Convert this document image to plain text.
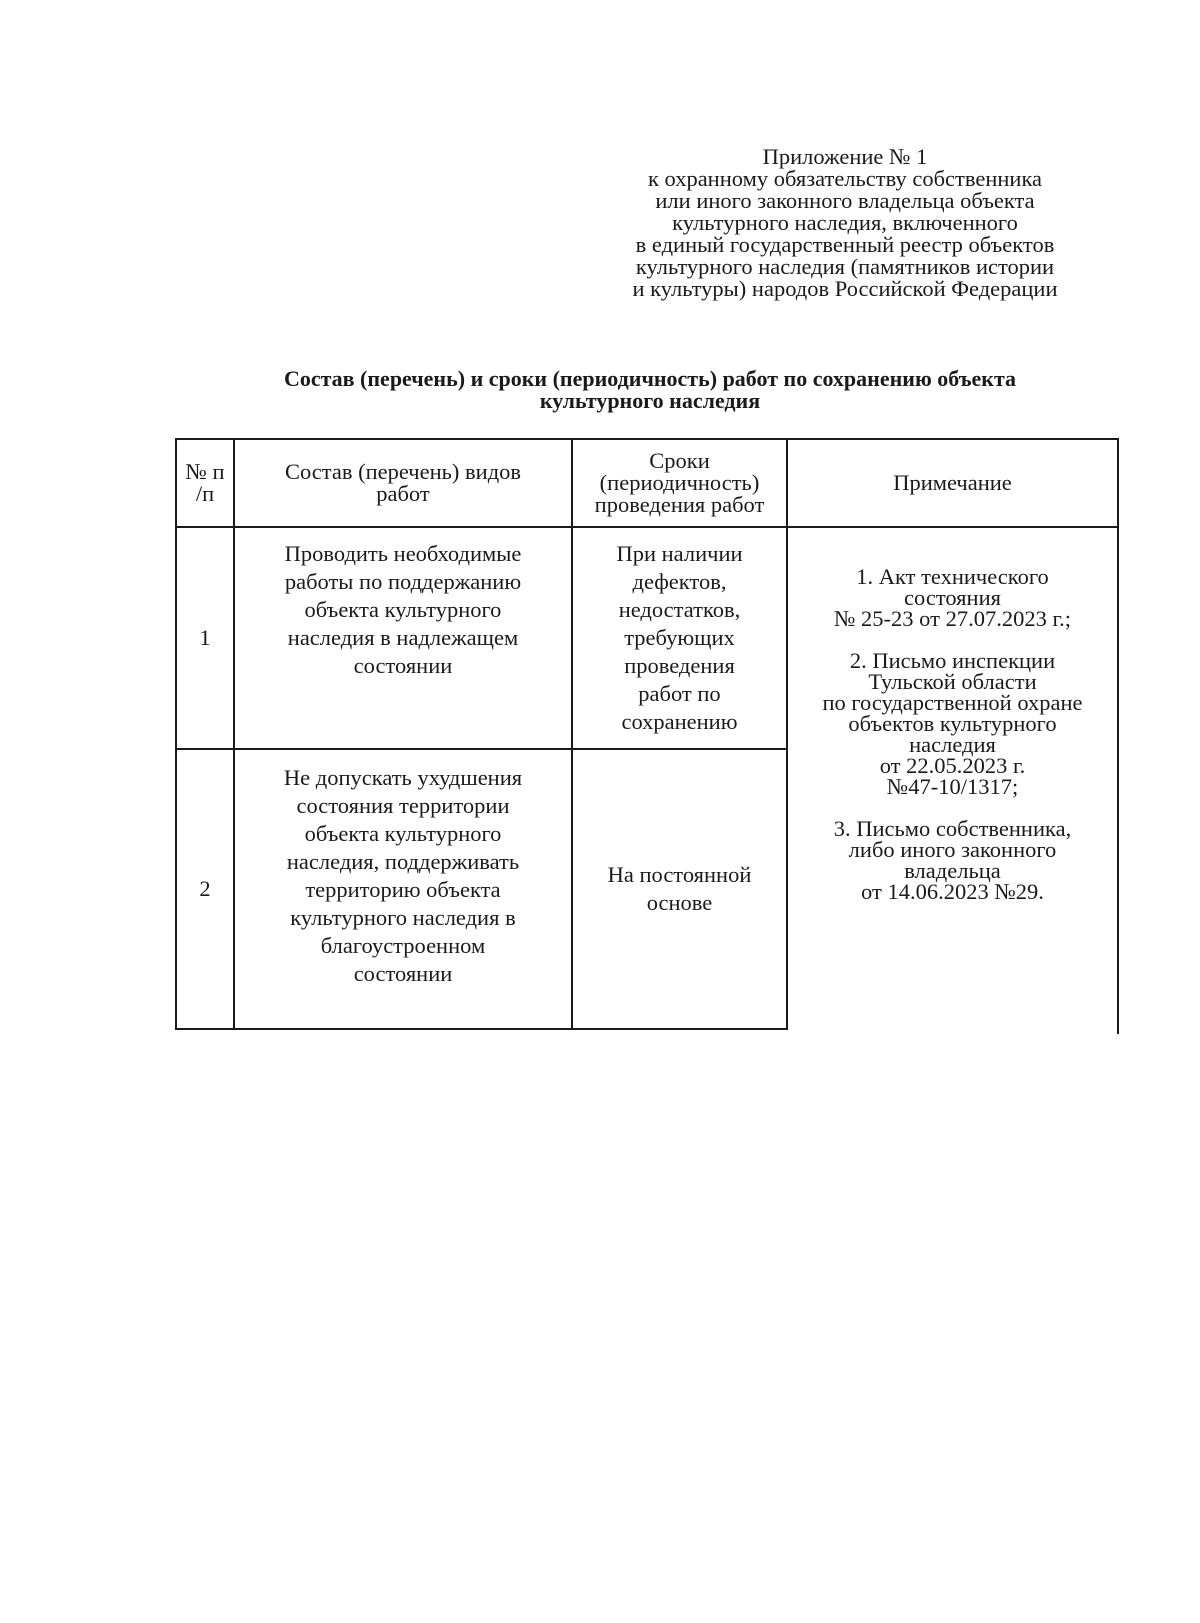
Приложение № 1
к охранному обязательству собственника
или иного законного владельца объекта
культурного наследия, включенного
в единый государственный реестр объектов
культурного наследия (памятников истории
и культуры) народов Российской Федерации
Состав (перечень) и сроки (периодичность) работ по сохранению объекта
культурного наследия
№ п
/п
Состав (перечень) видов
работ
Сроки
(периодичность)
проведения работ
Примечание
1
Проводить необходимые
работы по поддержанию
объекта культурного
наследия в надлежащем
состоянии
При наличии
дефектов,
недостатков,
требующих
проведения
работ по
сохранению
2
Не допускать ухудшения
состояния территории
объекта культурного
наследия, поддерживать
территорию объекта
культурного наследия в
благоустроенном
состоянии
На постоянной
основе
1. Акт технического
состояния
№ 25-23 от 27.07.2023 г.;
2. Письмо инспекции
Тульской области
по государственной охране
объектов культурного
наследия
от 22.05.2023 г.
№47-10/1317;
3. Письмо собственника,
либо иного законного
владельца
от 14.06.2023 №29.
